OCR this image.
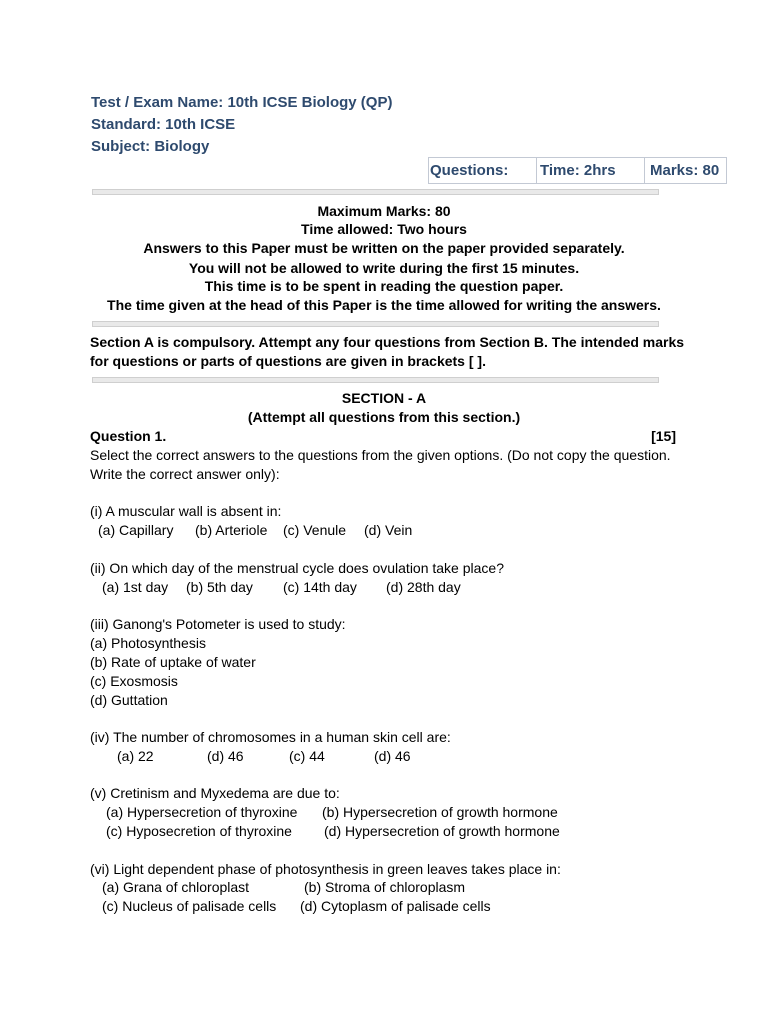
Test / Exam Name: 10th ICSE Biology (QP)
Standard: 10th ICSE
Subject: Biology
Questions:	Time: 2hrs	Marks: 80
Maximum Marks: 80
Time allowed: Two hours
Answers to this Paper must be written on the paper provided separately.
You will not be allowed to write during the first 15 minutes.
This time is to be spent in reading the question paper.
The time given at the head of this Paper is the time allowed for writing the answers.
Section A is compulsory. Attempt any four questions from Section B. The intended marks
for questions or parts of questions are given in brackets [ ].
SECTION - A
(Attempt all questions from this section.)
Question 1.	[15]
Select the correct answers to the questions from the given options. (Do not copy the question.
Write the correct answer only):
(i) A muscular wall is absent in:
(a) Capillary (b) Arteriole (c) Venule (d) Vein
(ii) On which day of the menstrual cycle does ovulation take place?
(a) 1st day (b) 5th day (c) 14th day (d) 28th day
(iii) Ganong's Potometer is used to study:
(a) Photosynthesis
(b) Rate of uptake of water
(c) Exosmosis
(d) Guttation
(iv) The number of chromosomes in a human skin cell are:
(a) 22	(d) 46	(c) 44	(d) 46
(v) Cretinism and Myxedema are due to:
(a) Hypersecretion of thyroxine (b) Hypersecretion of growth hormone
(c) Hyposecretion of thyroxine (d) Hypersecretion of growth hormone
(vi) Light dependent phase of photosynthesis in green leaves takes place in:
(a) Grana of chloroplast	(b) Stroma of chloroplasm
(c) Nucleus of palisade cells (d) Cytoplasm of palisade cells
